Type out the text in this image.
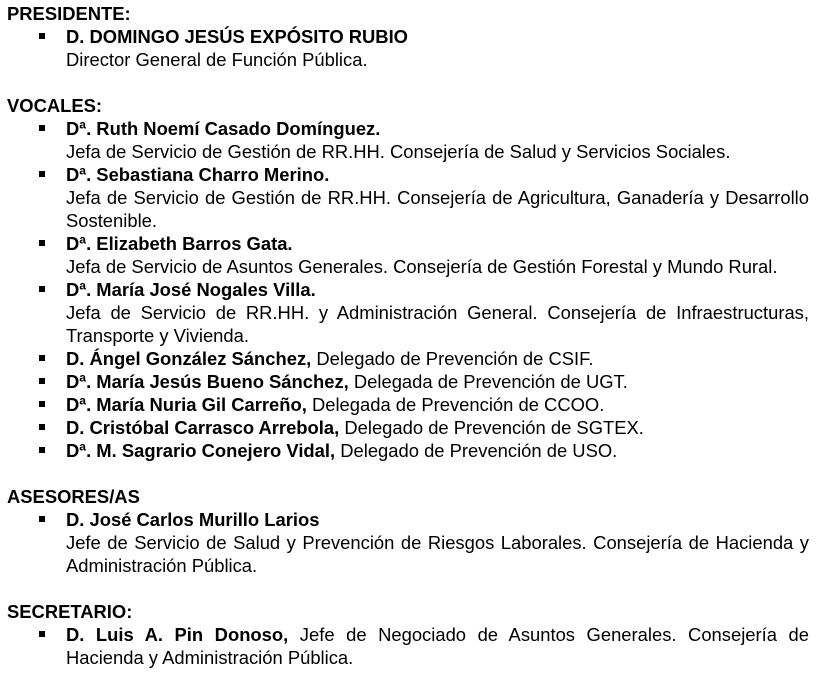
PRESIDENTE:
D. DOMINGO JESÚS EXPÓSITO RUBIO
Director General de Función Pública.
VOCALES:
Dª. Ruth Noemí Casado Domínguez.
Jefa de Servicio de Gestión de RR.HH. Consejería de Salud y Servicios Sociales.
Dª. Sebastiana Charro Merino.
Jefa de Servicio de Gestión de RR.HH. Consejería de Agricultura, Ganadería y Desarrollo Sostenible.
Dª. Elizabeth Barros Gata.
Jefa de Servicio de Asuntos Generales. Consejería de Gestión Forestal y Mundo Rural.
Dª. María José Nogales Villa.
Jefa de Servicio de RR.HH. y Administración General. Consejería de Infraestructuras, Transporte y Vivienda.
D. Ángel González Sánchez, Delegado de Prevención de CSIF.
Dª. María Jesús Bueno Sánchez, Delegada de Prevención de UGT.
Dª. María Nuria Gil Carreño, Delegada de Prevención de CCOO.
D. Cristóbal Carrasco Arrebola, Delegado de Prevención de SGTEX.
Dª. M. Sagrario Conejero Vidal, Delegado de Prevención de USO.
ASESORES/AS
D. José Carlos Murillo Larios
Jefe de Servicio de Salud y Prevención de Riesgos Laborales. Consejería de Hacienda y Administración Pública.
SECRETARIO:
D. Luis A. Pin Donoso, Jefe de Negociado de Asuntos Generales. Consejería de Hacienda y Administración Pública.
